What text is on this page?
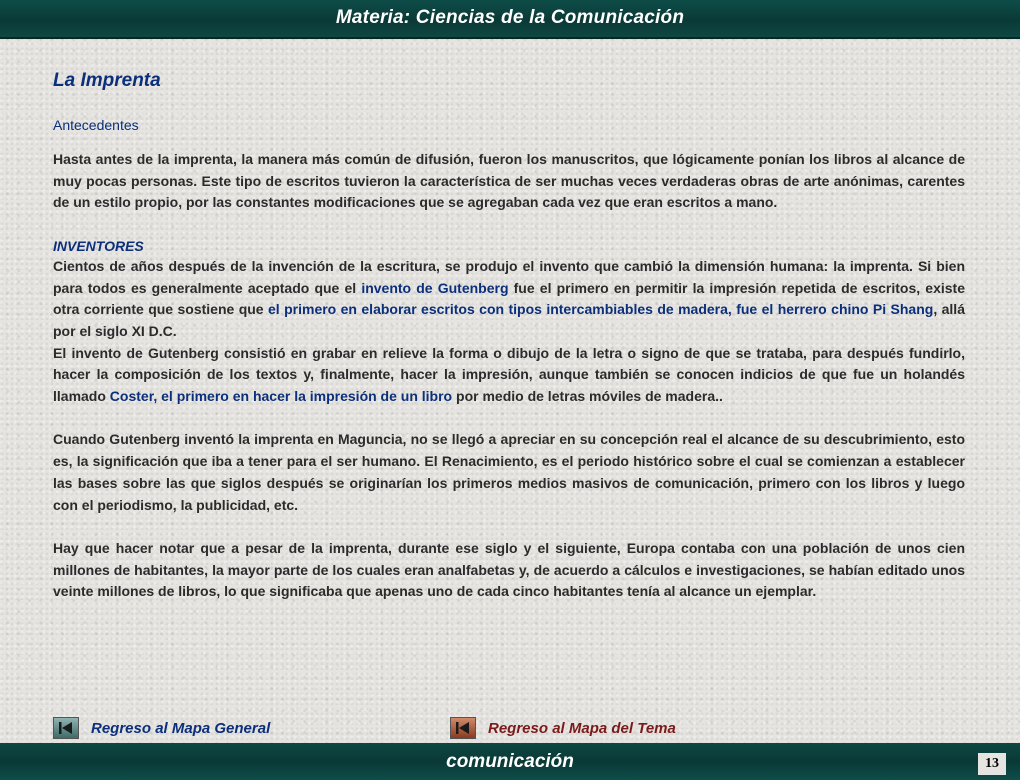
Materia: Ciencias de la Comunicación
La Imprenta
Antecedentes

Hasta antes de la imprenta, la manera más común de difusión, fueron los manuscritos, que lógicamente ponían los libros al alcance de muy pocas personas. Este tipo de escritos tuvieron la característica de ser muchas veces verdaderas obras de arte anónimas, carentes de un estilo propio, por las constantes modificaciones que se agregaban cada vez que eran escritos a mano.

INVENTORES

Cientos de años después de la invención de la escritura, se produjo el invento que cambió la dimensión humana: la imprenta. Si bien para todos es generalmente aceptado que el invento de Gutenberg fue el primero en permitir la impresión repetida de escritos, existe otra corriente que sostiene que el primero en elaborar escritos con tipos intercambiables de madera, fue el herrero chino Pi Shang, allá por el siglo XI D.C.

El invento de Gutenberg consistió en grabar en relieve la forma o dibujo de la letra o signo de que se trataba, para después fundirlo, hacer la composición de los textos y, finalmente, hacer la impresión, aunque también se conocen indicios de que fue un holandés llamado Coster, el primero en hacer la impresión de un libro por medio de letras móviles de madera..

Cuando Gutenberg inventó la imprenta en Maguncia, no se llegó a apreciar en su concepción real el alcance de su descubrimiento, esto es, la significación que iba a tener para el ser humano. El Renacimiento, es el periodo histórico sobre el cual se comienzan a establecer las bases sobre las que siglos después se originarían los primeros medios masivos de comunicación, primero con los libros y luego con el periodismo, la publicidad, etc.

Hay que hacer notar que a pesar de la imprenta, durante ese siglo y el siguiente, Europa contaba con una población de unos cien millones de habitantes, la mayor parte de los cuales eran analfabetas y, de acuerdo a cálculos e investigaciones, se habían editado unos veinte millones de libros, lo que significaba que apenas uno de cada cinco habitantes tenía al alcance un ejemplar.

Regreso al Mapa General	Regreso al Mapa del Tema
comunicación	13
